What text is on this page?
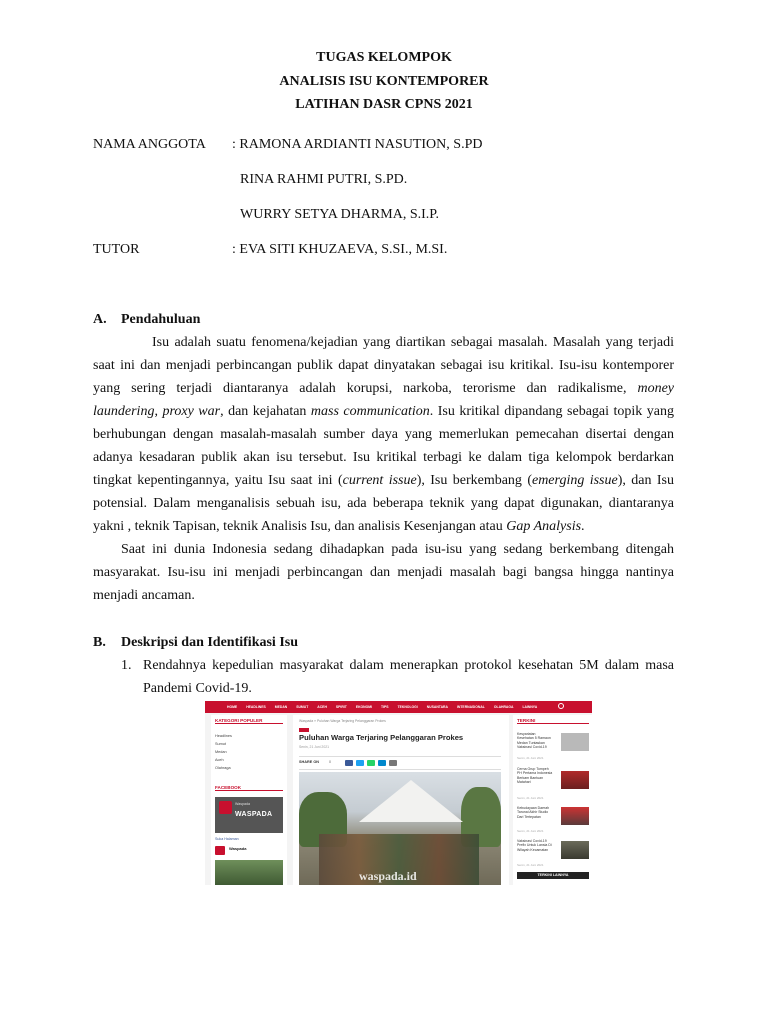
TUGAS KELOMPOK
ANALISIS ISU KONTEMPORER
LATIHAN DASR CPNS 2021
NAMA ANGGOTA : RAMONA ARDIANTI NASUTION, S.PD
RINA RAHMI PUTRI, S.PD.
WURRY SETYA DHARMA, S.I.P.
TUTOR	: EVA SITI KHUZAEVA, S.SI., M.SI.
A. Pendahuluan
Isu adalah suatu fenomena/kejadian yang diartikan sebagai masalah. Masalah yang terjadi
saat ini dan menjadi perbincangan publik dapat dinyatakan sebagai isu kritikal. Isu-isu kontemporer
yang sering terjadi diantaranya adalah korupsi, narkoba, terorisme dan radikalisme, money
laundering, proxy war, dan kejahatan mass communication. Isu kritikal dipandang sebagai topik yang
berhubungan dengan masalah-masalah sumber daya yang memerlukan pemecahan disertai dengan
adanya kesadaran publik akan isu tersebut. Isu kritikal terbagi ke dalam tiga kelompok berdarkan
tingkat kepentingannya, yaitu Isu saat ini (current issue), Isu berkembang (emerging issue), dan Isu
potensial. Dalam menganalisis sebuah isu, ada beberapa teknik yang dapat digunakan, diantaranya
yakni , teknik Tapisan, teknik Analisis Isu, dan analisis Kesenjangan atau Gap Analysis.
Saat ini dunia Indonesia sedang dihadapkan pada isu-isu yang sedang berkembang ditengah
masyarakat. Isu-isu ini menjadi perbincangan dan menjadi masalah bagi bangsa hingga nantinya
menjadi ancaman.
B. Deskripsi dan Identifikasi Isu
1. Rendahnya kepedulian masyarakat dalam menerapkan protokol kesehatan 5M dalam masa
Pandemi Covid-19.
HOME	HEADLINES	MEDAN	SUMUT	ACEH	SPIRIT	EKONOMI	TIPS	TEKNOLOGI	NUSANTARA	INTERNASIONAL	OLAHRAGA	LAINNYA
KATEGORI POPULER
Headlines
Sumut
Medan
Aceh
Olahraga
FACEBOOK
Waspada
WASPADA
Suka Halaman
Waspada
Waspada » Puluhan Warga Terjaring Pelanggaran Prokes
Puluhan Warga Terjaring Pelanggaran Prokes
Senin, 21 Juni 2021
SHARE ON	0
waspada.id
TERKINI
Kesyariatan Kesehatan 5 Ramaon Medan Tuntaskan Vaksinasi Covid-19
Senin, 21 Juni 2021
Cerna Grup Tompeh PH Pertama Indonesia Berkam Bantuan Matahari
Senin, 21 Juni 2021
Kebudayaan Daerah Tarunai Akhir Studio Dari Tertepatan
Senin, 21 Juni 2021
Vaksinasi Covid-19 Prefix Untuk Lansia Di Wilayah Kecamatan
Senin, 21 Juni 2021
TERKINI LAINNYA
